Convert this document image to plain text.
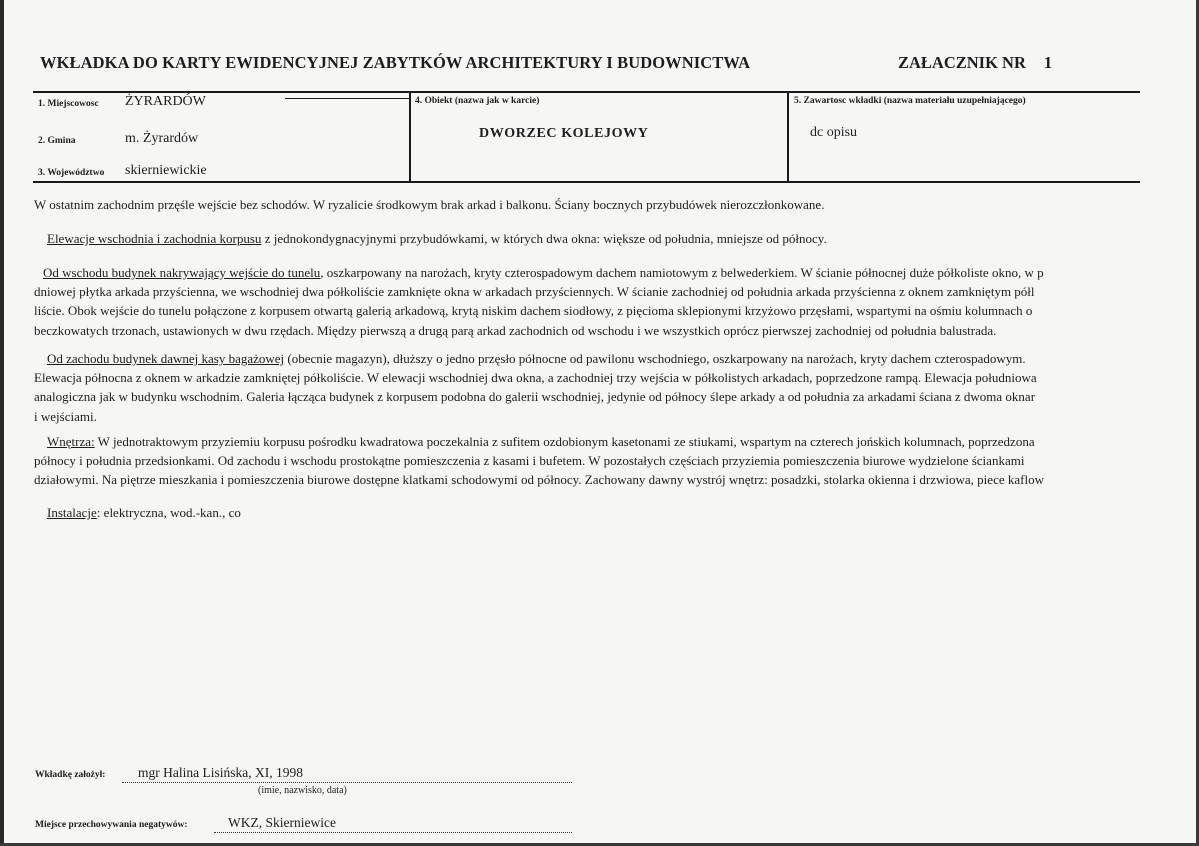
WKŁADKA DO KARTY EWIDENCYJNEJ ZABYTKÓW ARCHITEKTURY I BUDOWNICTWA	ZAŁACZNIK NR 1
1. Miejscowosc ŻYRARDÓW
2. Gmina	m. Żyrardów
3. Województwo skierniewickie
4. Obiekt (nazwa jak w karcie)
DWORZEC KOLEJOWY
5. Zawartosc wkładki (nazwa materiału uzupełniającego)
dc opisu
W ostatnim zachodnim przęśle wejście bez schodów. W ryzalicie środkowym brak arkad i balkonu. Ściany bocznych przybudówek nierozczłonkowane.
Elewacje wschodnia i zachodnia korpusu z jednokondygnacyjnymi przybudówkami, w których dwa okna: większe od południa, mniejsze od północy.
Od wschodu budynek nakrywający wejście do tunelu, oszkarpowany na narożach, kryty czterospadowym dachem namiotowym z belwederkiem. W ścianie północnej duże półkoliste okno, w p
dniowej płytka arkada przyścienna, we wschodniej dwa półkoliście zamknięte okna w arkadach przyściennych. W ścianie zachodniej od południa arkada przyścienna z oknem zamkniętym półl
liście. Obok wejście do tunelu połączone z korpusem otwartą galerią arkadową, krytą niskim dachem siodłowy, z pięcioma sklepionymi krzyżowo przęsłami, wspartymi na ośmiu kolumnach o
beczkowatych trzonach, ustawionych w dwu rzędach. Między pierwszą a drugą parą arkad zachodnich od wschodu i we wszystkich oprócz pierwszej zachodniej od południa balustrada.
Od zachodu budynek dawnej kasy bagażowej (obecnie magazyn), dłuższy o jedno przęsło północne od pawilonu wschodniego, oszkarpowany na narożach, kryty dachem czterospadowym.
Elewacja północna z oknem w arkadzie zamkniętej półkoliście. W elewacji wschodniej dwa okna, a zachodniej trzy wejścia w półkolistych arkadach, poprzedzone rampą. Elewacja południowa
analogiczna jak w budynku wschodnim. Galeria łącząca budynek z korpusem podobna do galerii wschodniej, jedynie od północy ślepe arkady a od południa za arkadami ściana z dwoma oknar
i wejściami.
Wnętrza: W jednotraktowym przyziemiu korpusu pośrodku kwadratowa poczekalnia z sufitem ozdobionym kasetonami ze stiukami, wspartym na czterech jońskich kolumnach, poprzedzona
północy i południa przedsionkami. Od zachodu i wschodu prostokątne pomieszczenia z kasami i bufetem. W pozostałych częściach przyziemia pomieszczenia biurowe wydzielone ściankami
działowymi. Na piętrze mieszkania i pomieszczenia biurowe dostępne klatkami schodowymi od północy. Zachowany dawny wystrój wnętrz: posadzki, stolarka okienna i drzwiowa, piece kaflow
Instalacje: elektryczna, wod.-kan., co
Wkładkę założył: mgr Halina Lisińska, XI, 1998
(imie, nazwisko, data)
Miejsce przechowywania negatywów:	WKZ, Skierniewice
